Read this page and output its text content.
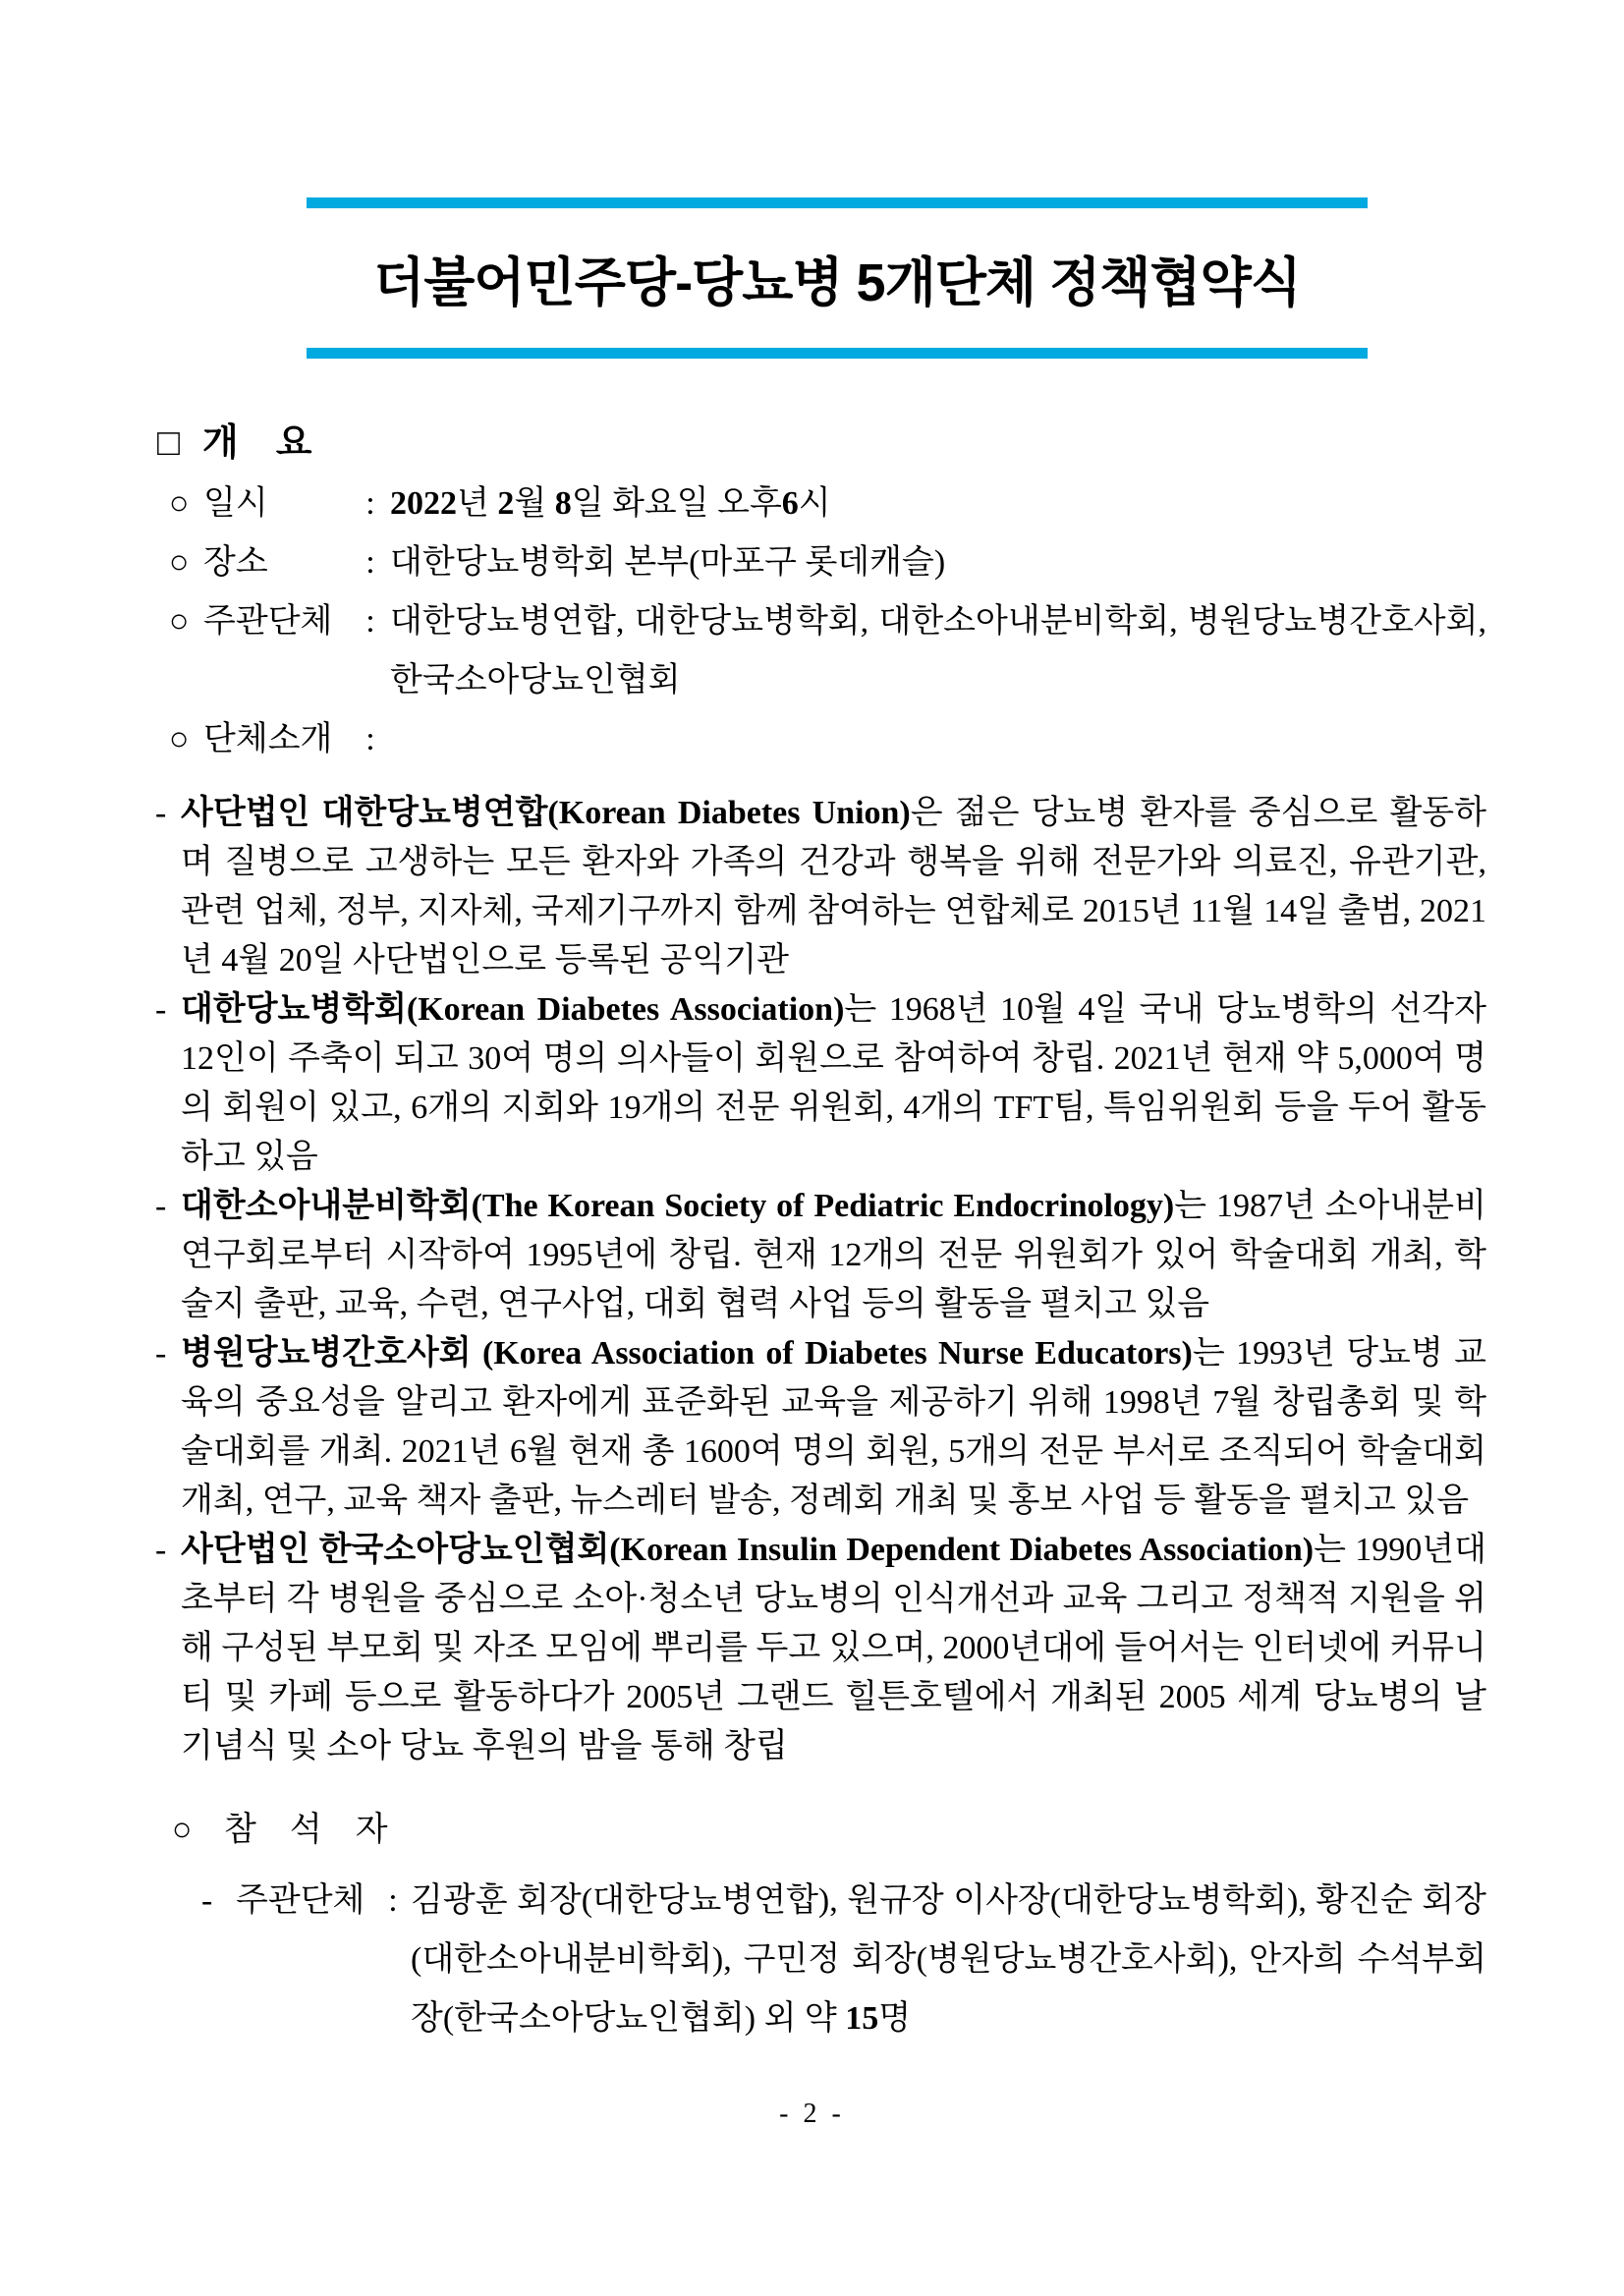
더불어민주당-당뇨병 5개단체 정책협약식
□ 개　요
○ 일시	: 2022년 2월 8일 화요일 오후6시
○ 장소	: 대한당뇨병학회 본부(마포구 롯데캐슬)
○ 주관단체 : 대한당뇨병연합, 대한당뇨병학회, 대한소아내분비학회, 병원당뇨병간호사회, 한국소아당뇨인협회
○ 단체소개 :
- 사단법인 대한당뇨병연합(Korean Diabetes Union)은 젊은 당뇨병 환자를 중심으로 활동하며 질병으로 고생하는 모든 환자와 가족의 건강과 행복을 위해 전문가와 의료진, 유관기관, 관련 업체, 정부, 지자체, 국제기구까지 함께 참여하는 연합체로 2015년 11월 14일 출범, 2021년 4월 20일 사단법인으로 등록된 공익기관
- 대한당뇨병학회(Korean Diabetes Association)는 1968년 10월 4일 국내 당뇨병학의 선각자 12인이 주축이 되고 30여 명의 의사들이 회원으로 참여하여 창립. 2021년 현재 약 5,000여 명의 회원이 있고, 6개의 지회와 19개의 전문 위원회, 4개의 TFT팀, 특임위원회 등을 두어 활동하고 있음
- 대한소아내분비학회(The Korean Society of Pediatric Endocrinology)는 1987년 소아내분비연구회로부터 시작하여 1995년에 창립. 현재 12개의 전문 위원회가 있어 학술대회 개최, 학술지 출판, 교육, 수련, 연구사업, 대회 협력 사업 등의 활동을 펼치고 있음
- 병원당뇨병간호사회 (Korea Association of Diabetes Nurse Educators)는 1993년 당뇨병 교육의 중요성을 알리고 환자에게 표준화된 교육을 제공하기 위해 1998년 7월 창립총회 및 학술대회를 개최. 2021년 6월 현재 총 1600여 명의 회원, 5개의 전문 부서로 조직되어 학술대회 개최, 연구, 교육 책자 출판, 뉴스레터 발송, 정례회 개최 및 홍보 사업 등 활동을 펼치고 있음
- 사단법인 한국소아당뇨인협회(Korean Insulin Dependent Diabetes Association)는 1990년대 초부터 각 병원을 중심으로 소아·청소년 당뇨병의 인식개선과 교육 그리고 정책적 지원을 위해 구성된 부모회 및 자조 모임에 뿌리를 두고 있으며, 2000년대에 들어서는 인터넷에 커뮤니티 및 카페 등으로 활동하다가 2005년 그랜드 힐튼호텔에서 개최된 2005 세계 당뇨병의 날 기념식 및 소아 당뇨 후원의 밤을 통해 창립
○ 참　석　자
- 주관단체 : 김광훈 회장(대한당뇨병연합), 원규장 이사장(대한당뇨병학회), 황진순 회장(대한소아내분비학회), 구민정 회장(병원당뇨병간호사회), 안자희 수석부회장(한국소아당뇨인협회) 외 약 15명
- 2 -
